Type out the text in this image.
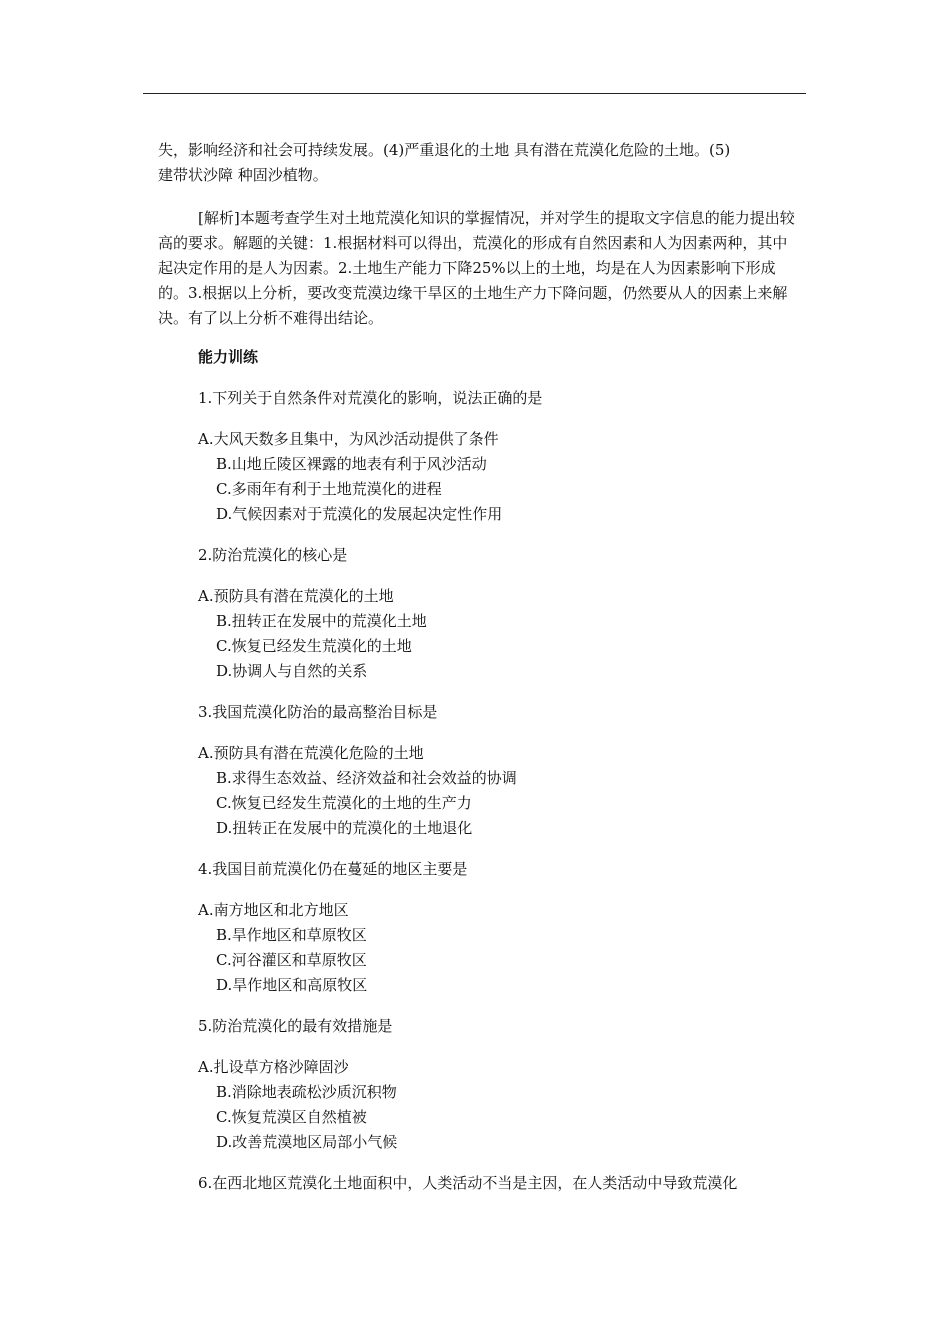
失，影响经济和社会可持续发展。(4)严重退化的土地 具有潜在荒漠化危险的土地。(5)

建带状沙障 种固沙植物。

[解析]本题考查学生对土地荒漠化知识的掌握情况，并对学生的提取文字信息的能力提出较高的要求。解题的关键：1.根据材料可以得出，荒漠化的形成有自然因素和人为因素两种，其中起决定作用的是人为因素。2.土地生产能力下降25%以上的土地，均是在人为因素影响下形成的。3.根据以上分析，要改变荒漠边缘干旱区的土地生产力下降问题，仍然要从人的因素上来解决。有了以上分析不难得出结论。

能力训练

1.下列关于自然条件对荒漠化的影响，说法正确的是

A.大风天数多且集中，为风沙活动提供了条件

B.山地丘陵区裸露的地表有利于风沙活动

C.多雨年有利于土地荒漠化的进程

D.气候因素对于荒漠化的发展起决定性作用

2.防治荒漠化的核心是

A.预防具有潜在荒漠化的土地

B.扭转正在发展中的荒漠化土地

C.恢复已经发生荒漠化的土地

D.协调人与自然的关系

3.我国荒漠化防治的最高整治目标是

A.预防具有潜在荒漠化危险的土地

B.求得生态效益、经济效益和社会效益的协调

C.恢复已经发生荒漠化的土地的生产力

D.扭转正在发展中的荒漠化的土地退化

4.我国目前荒漠化仍在蔓延的地区主要是

A.南方地区和北方地区

B.旱作地区和草原牧区

C.河谷灌区和草原牧区

D.旱作地区和高原牧区

5.防治荒漠化的最有效措施是

A.扎设草方格沙障固沙

B.消除地表疏松沙质沉积物

C.恢复荒漠区自然植被

D.改善荒漠地区局部小气候

6.在西北地区荒漠化土地面积中，人类活动不当是主因，在人类活动中导致荒漠化
